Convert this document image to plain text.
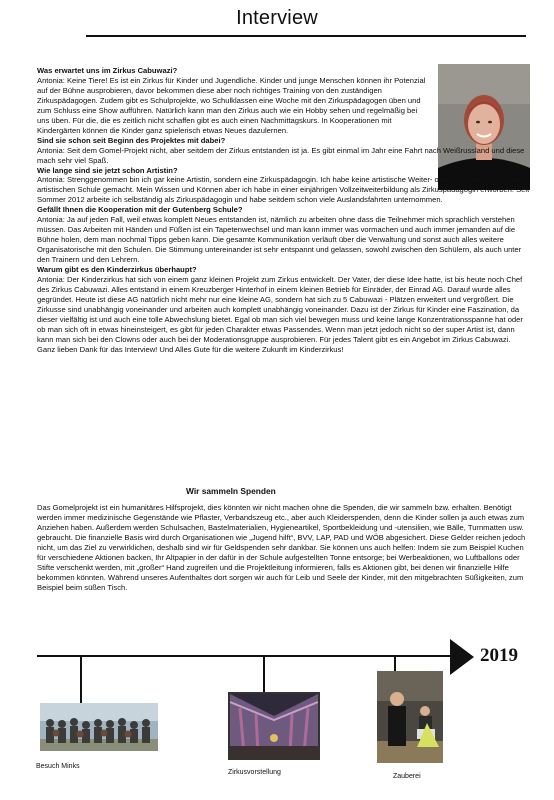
Interview
Was erwartet uns im Zirkus Cabuwazi?
Antonia: Keine Tiere! Es ist ein Zirkus für Kinder und Jugendliche. Kinder und junge Menschen können ihr Potenzial auf der Bühne ausprobieren, davor bekommen diese aber noch richtiges Training von den zuständigen Zirkuspädagogen. Zudem gibt es Schulprojekte, wo Schulklassen eine Woche mit den Zirkuspädagogen üben und zum Schluss eine Show aufführen. Natürlich kann man den Zirkus auch wie ein Hobby sehen und regelmäßig bei uns üben. Für die, die es zeitlich nicht schaffen gibt es auch einen Nachmittagskurs. In Kooperationen mit Kindergärten können die Kinder ganz spielerisch etwas Neues dazulernen.
Sind sie schon seit Beginn des Projektes mit dabei?
Antonia: Seit dem Gomel-Projekt nicht, aber seitdem der Zirkus entstanden ist ja. Es gibt einmal im Jahr eine Fahrt nach Weißrussland und diese mach sehr viel Spaß.
Wie lange sind sie jetzt schon Artistin?
Antonia: Strenggenommen bin ich gar keine Artistin, sondern eine Zirkuspädagogin. Ich habe keine artistische Weiter- oder Ausbildung an einer artistischen Schule gemacht. Mein Wissen und Können aber ich habe in einer einjährigen Vollzeitweiterbildung als Zirkuspädagogin erworben. Seit Sommer 2012 arbeite ich selbständig als Zirkuspädagogin und habe seitdem schon viele Auslandsfahrten unternommen.
Gefällt Ihnen die Kooperation mit der Gutenberg Schule?
Antonia: Ja auf jeden Fall, weil etwas komplett Neues entstanden ist, nämlich zu arbeiten ohne dass die Teilnehmer mich sprachlich verstehen müssen. Das Arbeiten mit Händen und Füßen ist ein Tapetenwechsel und man kann immer was vormachen und auch immer jemanden auf die Bühne holen, dem man nochmal Tipps geben kann. Die gesamte Kommunikation verläuft über die Verwaltung und sonst auch alles weitere Organisatorische mit den Schulen. Die Stimmung untereinander ist sehr entspannt und gelassen, sowohl zwischen den Schülern, als auch unter den Trainern und den Lehrern.
Warum gibt es den Kinderzirkus überhaupt?
Antonia: Der Kinderzirkus hat sich von einem ganz kleinen Projekt zum Zirkus entwickelt. Der Vater, der diese Idee hatte, ist bis heute noch Chef des Zirkus Cabuwazi. Alles entstand in einem Kreuzberger Hinterhof in einem kleinen Betrieb für Einräder, der Einrad AG. Darauf wurde alles gegründet. Heute ist diese AG natürlich nicht mehr nur eine kleine AG, sondern hat sich zu 5 Cabuwazi - Plätzen erweitert und vergrößert. Die Zirkusse sind unabhängig voneinander und arbeiten auch komplett unabhängig voneinander. Dazu ist der Zirkus für Kinder eine Faszination, da dieser vielfältig ist und auch eine tolle Abwechslung bietet. Egal ob man sich viel bewegen muss und keine lange Konzentrationsspanne hat oder ob man sich oft in etwas hineinsteigert, es gibt für jeden Charakter etwas Passendes. Wenn man jetzt jedoch nicht so der super Artist ist, dann kann man sich bei den Clowns oder auch bei der Moderationsgruppe ausprobieren. Für jedes Talent gibt es ein Angebot im Zirkus Cabuwazi.
Ganz lieben Dank für das Interview! Und Alles Gute für die weitere Zukunft im Kinderzirkus!
Wir sammeln Spenden
Das Gomelprojekt ist ein humanitäres Hilfsprojekt, dies könnten wir nicht machen ohne die Spenden, die wir sammeln bzw. erhalten. Benötigt werden immer medizinische Gegenstände wie Pflaster, Verbandszeug etc., aber auch Kleiderspenden, denn die Kinder sollen ja auch etwas zum Anziehen haben. Außerdem werden Schulsachen, Bastelmaterialien, Hygieneartikel, Sportbekleidung und -utensilien, wie Bälle, Turnmatten usw. gebraucht. Die finanzielle Basis wird durch Organisationen wie „Jugend hilft“, BVV, LAP, PAD und WÖB abgesichert. Diese Gelder reichen jedoch nicht, um das Ziel zu verwirklichen, deshalb sind wir für Geldspenden sehr dankbar. Sie können uns auch helfen: Indem sie zum Beispiel Kuchen für verschiedene Aktionen backen, Ihr Altpapier in der dafür in der Schule aufgestellten Tonne entsorge; bei Werbeaktionen, wo Luftballons oder Stifte verschenkt werden, mit „großer“ Hand zugreifen und die Projektleitung informieren, falls es Aktionen gibt, bei denen wir finanzielle Hilfe bekommen könnten. Während unseres Aufenthaltes dort sorgen wir auch für Leib und Seele der Kinder, mit den mitgebrachten Süßigkeiten, zum Beispiel beim süßen Tisch.
2019
Besuch Minks
Zirkusvorstellung
Zauberei
